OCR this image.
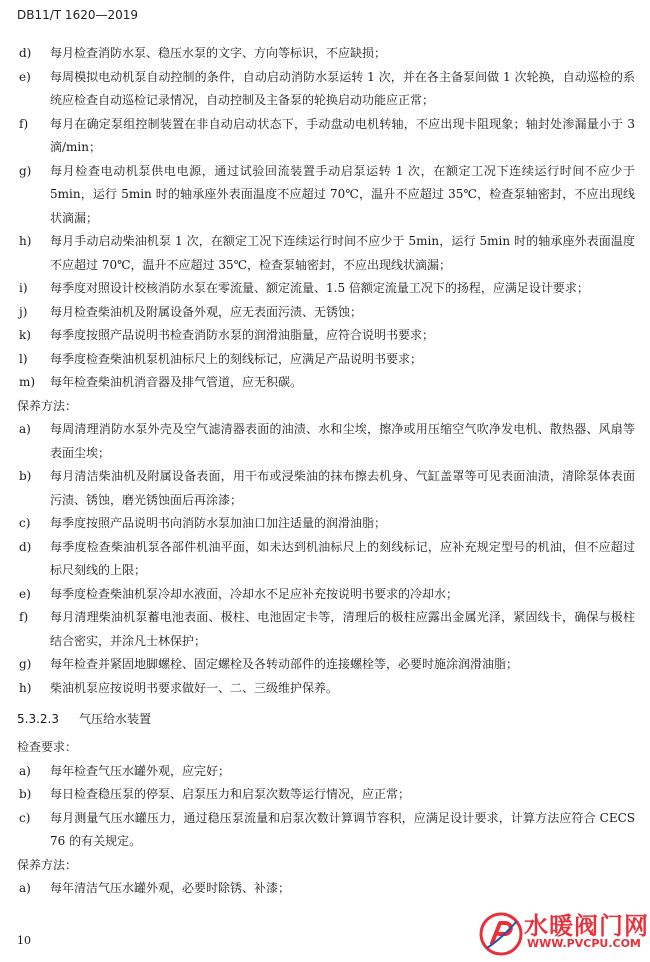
DB11/T 1620—2019
d)	每月检查消防水泵、稳压水泵的文字、方向等标识，不应缺损；
e)	每周模拟电动机泵自动控制的条件，自动启动消防水泵运转 1 次，并在各主备泵间做 1 次轮换，自动巡检的系统应检查自动巡检记录情况，自动控制及主备泵的轮换启动功能应正常；
f)	每月在确定泵组控制装置在非自动启动状态下，手动盘动电机转轴，不应出现卡阻现象；轴封处渗漏量小于 3 滴/min；
g)	每月检查电动机泵供电电源，通过试验回流装置手动启泵运转 1 次，在额定工况下连续运行时间不应少于 5min，运行 5min 时的轴承座外表面温度不应超过 70℃，温升不应超过 35℃，检查泵轴密封，不应出现线状滴漏；
h)	每月手动启动柴油机泵 1 次，在额定工况下连续运行时间不应少于 5min，运行 5min 时的轴承座外表面温度不应超过 70℃，温升不应超过 35℃，检查泵轴密封，不应出现线状滴漏；
i)	每季度对照设计校核消防水泵在零流量、额定流量、1.5 倍额定流量工况下的扬程，应满足设计要求；
j)	每月检查柴油机及附属设备外观，应无表面污渍、无锈蚀；
k)	每季度按照产品说明书检查消防水泵的润滑油脂量，应符合说明书要求；
l)	每季度检查柴油机泵机油标尺上的刻线标记，应满足产品说明书要求；
m)	每年检查柴油机消音器及排气管道，应无积碳。
保养方法：
a)	每周清理消防水泵外壳及空气滤清器表面的油渍、水和尘埃，擦净或用压缩空气吹净发电机、散热器、风扇等表面尘埃；
b)	每月清洁柴油机及附属设备表面，用干布或浸柴油的抹布擦去机身、气缸盖罩等可见表面油渍，清除泵体表面污渍、锈蚀，磨光锈蚀面后再涂漆；
c)	每季度按照产品说明书向消防水泵加油口加注适量的润滑油脂；
d)	每季度检查柴油机泵各部件机油平面，如未达到机油标尺上的刻线标记，应补充规定型号的机油，但不应超过标尺刻线的上限；
e)	每季度检查柴油机泵冷却水液面，冷却水不足应补充按说明书要求的冷却水；
f)	每月清理柴油机泵蓄电池表面、极柱、电池固定卡等，清理后的极柱应露出金属光泽，紧固线卡，确保与极柱结合密实，并涂凡士林保护；
g)	每年检查并紧固地脚螺栓、固定螺栓及各转动部件的连接螺栓等，必要时施涂润滑油脂；
h)	柴油机泵应按说明书要求做好一、二、三级维护保养。
5.3.2.3 气压给水装置
检查要求：
a)	每年检查气压水罐外观，应完好；
b)	每日检查稳压泵的停泵、启泵压力和启泵次数等运行情况，应正常；
c)	每月测量气压水罐压力，通过稳压泵流量和启泵次数计算调节容积，应满足设计要求，计算方法应符合 CECS 76 的有关规定。
保养方法：
a)	每年清洁气压水罐外观，必要时除锈、补漆；
10
水暖阀门网
WWW.PVCPU.COM
